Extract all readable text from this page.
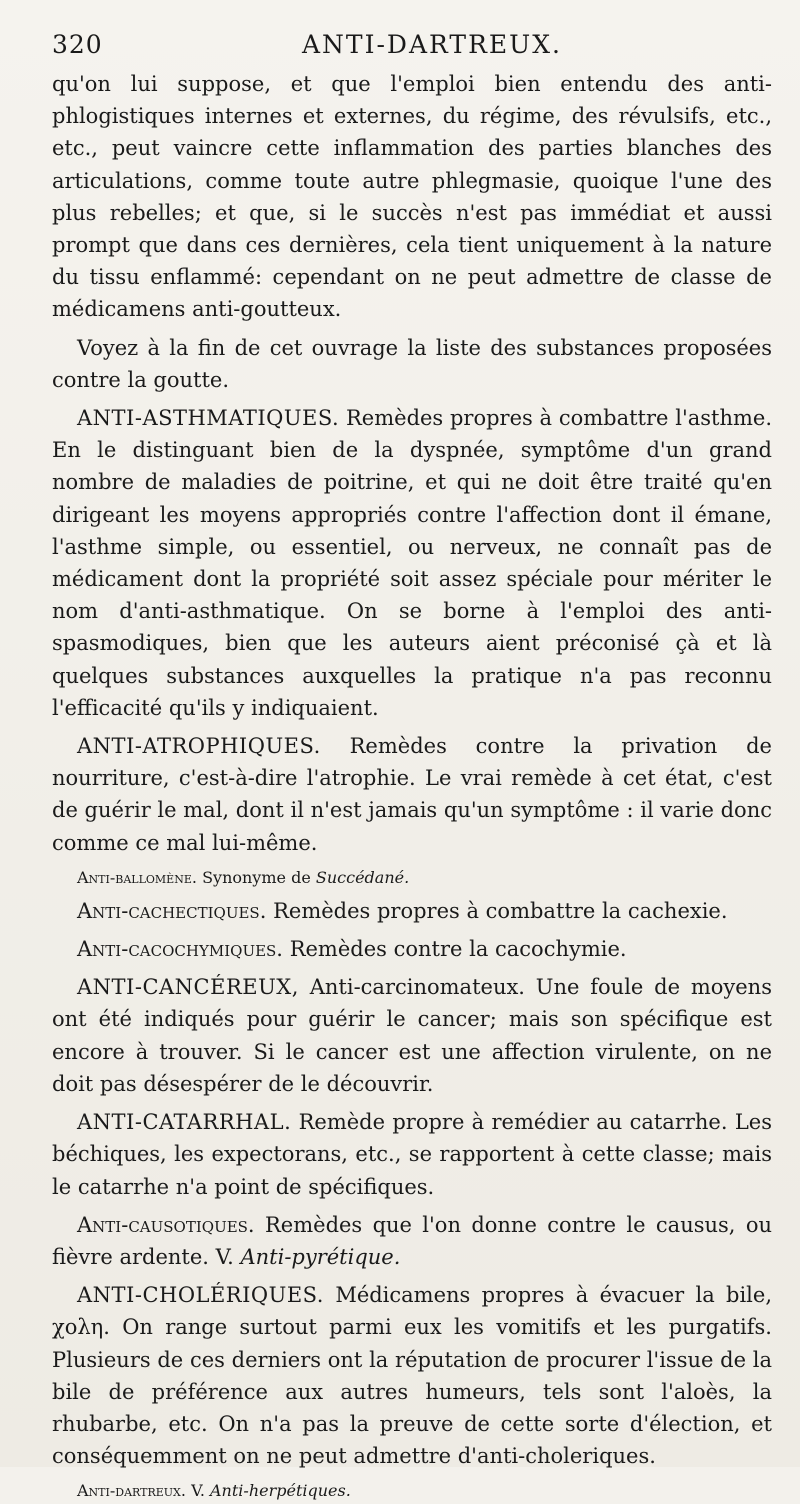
320	ANTI-DARTREUX.

qu'on lui suppose, et que l'emploi bien entendu des anti-phlogistiques internes et externes, du régime, des révulsifs, etc., etc., peut vaincre cette inflammation des parties blanches des articulations, comme toute autre phlegmasie, quoique l'une des plus rebelles; et que, si le succès n'est pas immédiat et aussi prompt que dans ces dernières, cela tient uniquement à la nature du tissu enflammé: cependant on ne peut admettre de classe de médicamens anti-goutteux.

Voyez à la fin de cet ouvrage la liste des substances proposées contre la goutte.

ANTI-ASTHMATIQUES. Remèdes propres à combattre l'asthme. En le distinguant bien de la dyspnée, symptôme d'un grand nombre de maladies de poitrine, et qui ne doit être traité qu'en dirigeant les moyens appropriés contre l'affection dont il émane, l'asthme simple, ou essentiel, ou nerveux, ne connaît pas de médicament dont la propriété soit assez spéciale pour mériter le nom d'anti-asthmatique. On se borne à l'emploi des anti-spasmodiques, bien que les auteurs aient préconisé çà et là quelques substances auxquelles la pratique n'a pas reconnu l'efficacité qu'ils y indiquaient.

ANTI-ATROPHIQUES. Remèdes contre la privation de nourriture, c'est-à-dire l'atrophie. Le vrai remède à cet état, c'est de guérir le mal, dont il n'est jamais qu'un symptôme : il varie donc comme ce mal lui-même.

Anti-ballomène. Synonyme de Succédané.

Anti-cachectiques. Remèdes propres à combattre la cachexie.

Anti-cacochymiques. Remèdes contre la cacochymie.

ANTI-CANCÉREUX, Anti-carcinomateux. Une foule de moyens ont été indiqués pour guérir le cancer; mais son spécifique est encore à trouver. Si le cancer est une affection virulente, on ne doit pas désespérer de le découvrir.

ANTI-CATARRHAL. Remède propre à remédier au catarrhe. Les béchiques, les expectorans, etc., se rapportent à cette classe; mais le catarrhe n'a point de spécifiques.

Anti-causotiques. Remèdes que l'on donne contre le causus, ou fièvre ardente. V. Anti-pyrétique.

ANTI-CHOLÉRIQUES. Médicamens propres à évacuer la bile, χολη. On range surtout parmi eux les vomitifs et les purgatifs. Plusieurs de ces derniers ont la réputation de procurer l'issue de la bile de préférence aux autres humeurs, tels sont l'aloès, la rhubarbe, etc. On n'a pas la preuve de cette sorte d'élection, et conséquemment on ne peut admettre d'anti-choleriques.

Anti-dartreux. V. Anti-herpétiques.
